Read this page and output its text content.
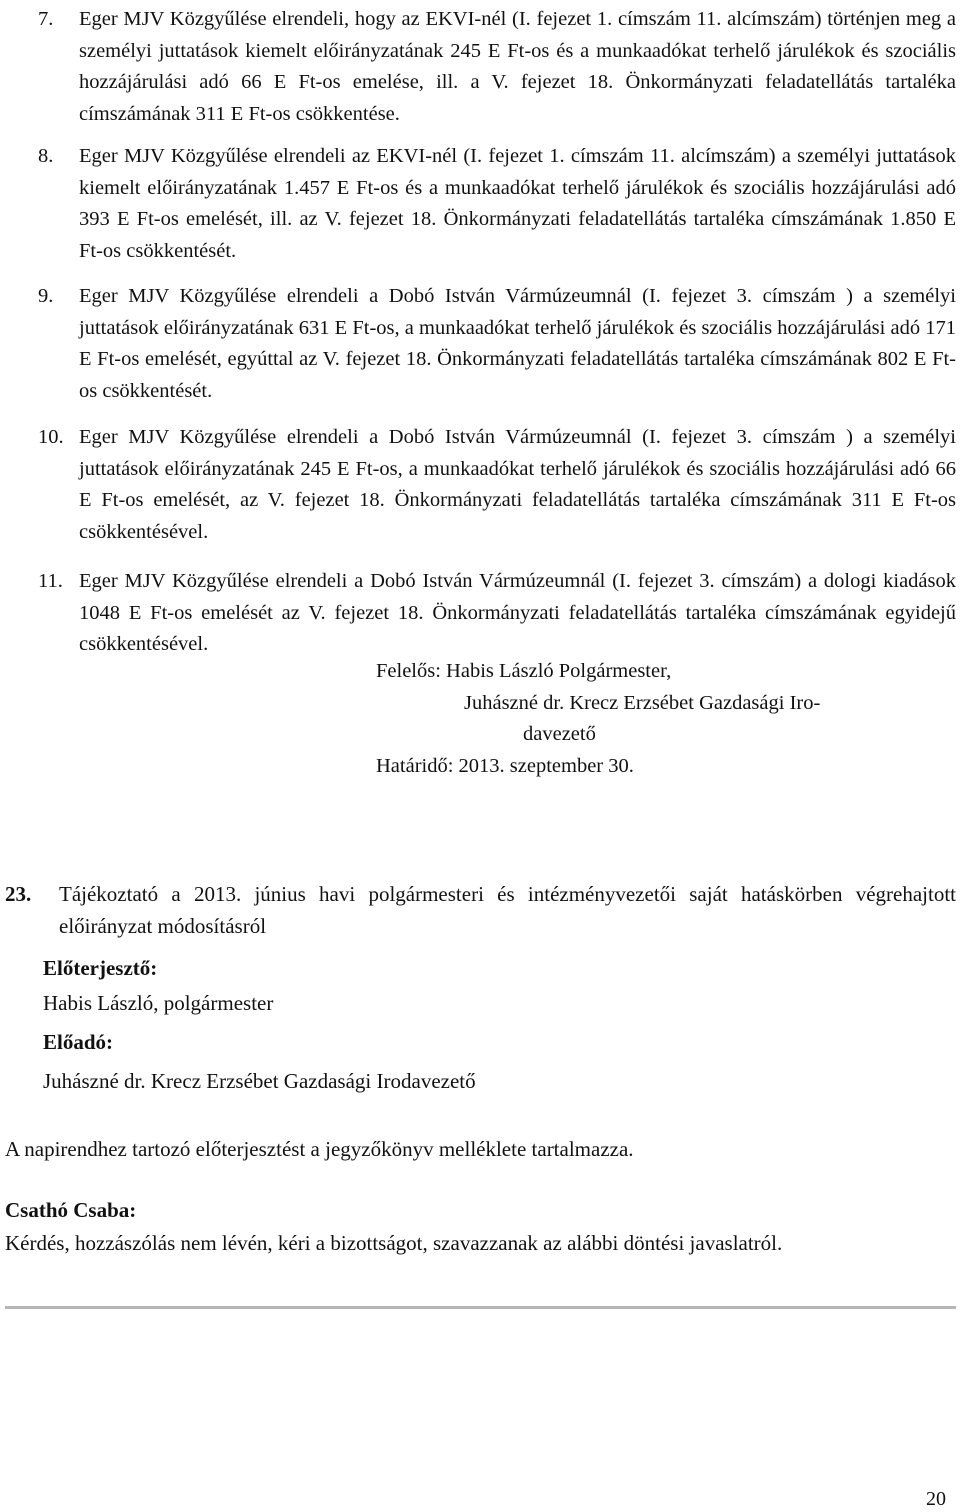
7. Eger MJV Közgyűlése elrendeli, hogy az EKVI-nél (I. fejezet 1. címszám 11. alcímszám) történjen meg a személyi juttatások kiemelt előirányzatának 245 E Ft-os és a munkaadókat terhelő járulékok és szociális hozzájárulási adó 66 E Ft-os emelése, ill. a V. fejezet 18. Önkormányzati feladatellátás tartaléka címszámának 311 E Ft-os csökkentése.
8. Eger MJV Közgyűlése elrendeli az EKVI-nél (I. fejezet 1. címszám 11. alcímszám) a személyi juttatások kiemelt előirányzatának 1.457 E Ft-os és a munkaadókat terhelő járulékok és szociális hozzájárulási adó 393 E Ft-os emelését, ill. az V. fejezet 18. Önkormányzati feladatellátás tartaléka címszámának 1.850 E Ft-os csökkentését.
9. Eger MJV Közgyűlése elrendeli a Dobó István Vármúzeumnál (I. fejezet 3. címszám ) a személyi juttatások előirányzatának 631 E Ft-os, a munkaadókat terhelő járulékok és szociális hozzájárulási adó 171 E Ft-os emelését, egyúttal az V. fejezet 18. Önkormányzati feladatellátás tartaléka címszámának 802 E Ft-os csökkentését.
10. Eger MJV Közgyűlése elrendeli a Dobó István Vármúzeumnál (I. fejezet 3. címszám ) a személyi juttatások előirányzatának 245 E Ft-os, a munkaadókat terhelő járulékok és szociális hozzájárulási adó 66 E Ft-os emelését, az V. fejezet 18. Önkormányzati feladatellátás tartaléka címszámának 311 E Ft-os csökkentésével.
11. Eger MJV Közgyűlése elrendeli a Dobó István Vármúzeumnál (I. fejezet 3. címszám) a dologi kiadások 1048 E Ft-os emelését az V. fejezet 18. Önkormányzati feladatellátás tartaléka címszámának egyidejű csökkentésével.
Felelős: Habis László Polgármester,
Juhászné dr. Krecz Erzsébet Gazdasági Iro-
davezető
Határidő: 2013. szeptember 30.
23. Tájékoztató a 2013. június havi polgármesteri és intézményvezetői saját hatáskörben végrehajtott előirányzat módosításról
Előterjesztő:
Habis László, polgármester
Előadó:
Juhászné dr. Krecz Erzsébet Gazdasági Irodavezető
A napirendhez tartozó előterjesztést a jegyzőkönyv melléklete tartalmazza.
Csathó Csaba:
Kérdés, hozzászólás nem lévén, kéri a bizottságot, szavazzanak az alábbi döntési javaslatról.
20
